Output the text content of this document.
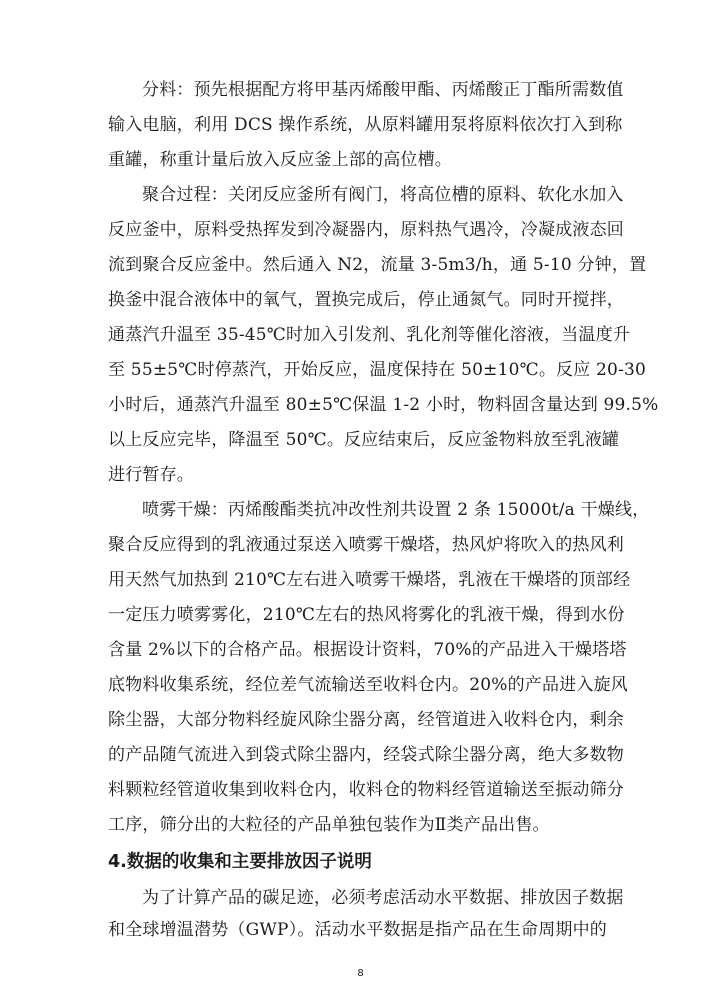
分料：预先根据配方将甲基丙烯酸甲酯、丙烯酸正丁酯所需数值
输入电脑，利用 DCS 操作系统，从原料罐用泵将原料依次打入到称
重罐，称重计量后放入反应釜上部的高位槽。
聚合过程：关闭反应釜所有阀门，将高位槽的原料、软化水加入
反应釜中，原料受热挥发到冷凝器内，原料热气遇冷，冷凝成液态回
流到聚合反应釜中。然后通入 N2，流量 3-5m3/h，通 5-10 分钟，置
换釜中混合液体中的氧气，置换完成后，停止通氮气。同时开搅拌，
通蒸汽升温至 35-45℃时加入引发剂、乳化剂等催化溶液，当温度升
至 55±5℃时停蒸汽，开始反应，温度保持在 50±10℃。反应 20-30
小时后，通蒸汽升温至 80±5℃保温 1-2 小时，物料固含量达到 99.5%
以上反应完毕，降温至 50℃。反应结束后，反应釜物料放至乳液罐
进行暂存。
喷雾干燥：丙烯酸酯类抗冲改性剂共设置 2 条 15000t/a 干燥线，
聚合反应得到的乳液通过泵送入喷雾干燥塔，热风炉将吹入的热风利
用天然气加热到 210℃左右进入喷雾干燥塔，乳液在干燥塔的顶部经
一定压力喷雾雾化，210℃左右的热风将雾化的乳液干燥，得到水份
含量 2%以下的合格产品。根据设计资料，70%的产品进入干燥塔塔
底物料收集系统，经位差气流输送至收料仓内。20%的产品进入旋风
除尘器，大部分物料经旋风除尘器分离，经管道进入收料仓内，剩余
的产品随气流进入到袋式除尘器内，经袋式除尘器分离，绝大多数物
料颗粒经管道收集到收料仓内，收料仓的物料经管道输送至振动筛分
工序，筛分出的大粒径的产品单独包装作为Ⅱ类产品出售。
4.数据的收集和主要排放因子说明
为了计算产品的碳足迹，必须考虑活动水平数据、排放因子数据
和全球增温潜势（GWP）。活动水平数据是指产品在生命周期中的
8
